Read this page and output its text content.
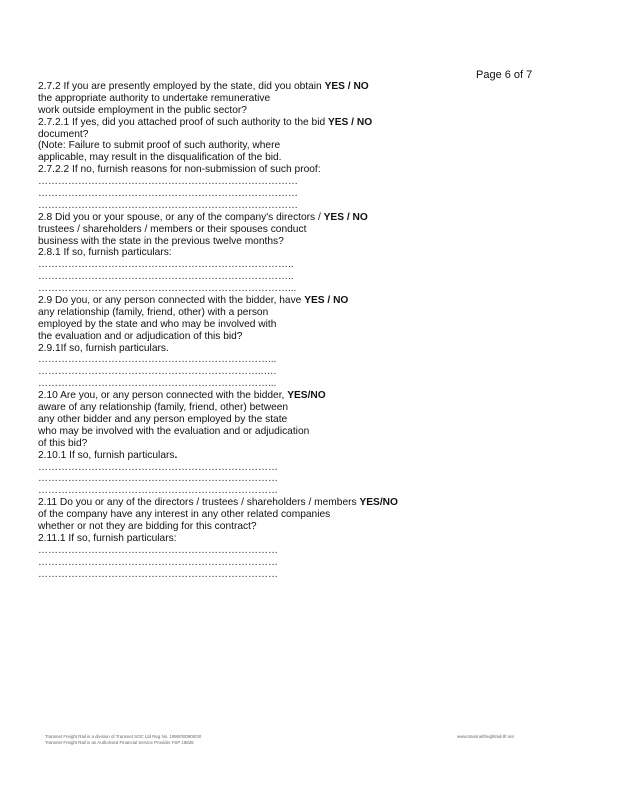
Page 6 of 7
2.7.2 If you are presently employed by the state, did you obtain YES / NO
the appropriate authority to undertake remunerative
work outside employment in the public sector?
2.7.2.1 If yes, did you attached proof of such authority to the bid YES / NO
document?
(Note: Failure to submit proof of such authority, where
applicable, may result in the disqualification of the bid.
2.7.2.2 If no, furnish reasons for non-submission of such proof:
……………………………………………………………………
……………………………………………………………………
……………………………………………………………………
2.8 Did you or your spouse, or any of the company's directors / YES / NO
trustees / shareholders / members or their spouses conduct
business with the state in the previous twelve months?
2.8.1 If so, furnish particulars:
…………………………………………………………………..
…………………………………………………………………..
…………………………………………………………………...
2.9 Do you, or any person connected with the bidder, have YES / NO
any relationship (family, friend, other) with a person
employed by the state and who may be involved with
the evaluation and or adjudication of this bid?
2.9.1If so, furnish particulars.
……………………………………………………………...
…………………………………………………………..….
……………………………………………………………...
2.10 Are you, or any person connected with the bidder, YES/NO
aware of any relationship (family, friend, other) between
any other bidder and any person employed by the state
who may be involved with the evaluation and or adjudication
of this bid?
2.10.1 If so, furnish particulars.
………………………………………………………………
………………………………………………………………
………………………………………………………………
2.11 Do you or any of the directors / trustees / shareholders / members YES/NO
of the company have any interest in any other related companies
whether or not they are bidding for this contract?
2.11.1 If so, furnish particulars:
………………………………………………………………
………………………………………………………………
………………………………………………………………
Transnet Freight Rail is a division of Transnet SOC Ltd Reg No. 1990/000900/30
Transnet Freight Rail is an Authorised Financial Service Provider FSP 18828
www.transnetfreightrail-tfr.net
